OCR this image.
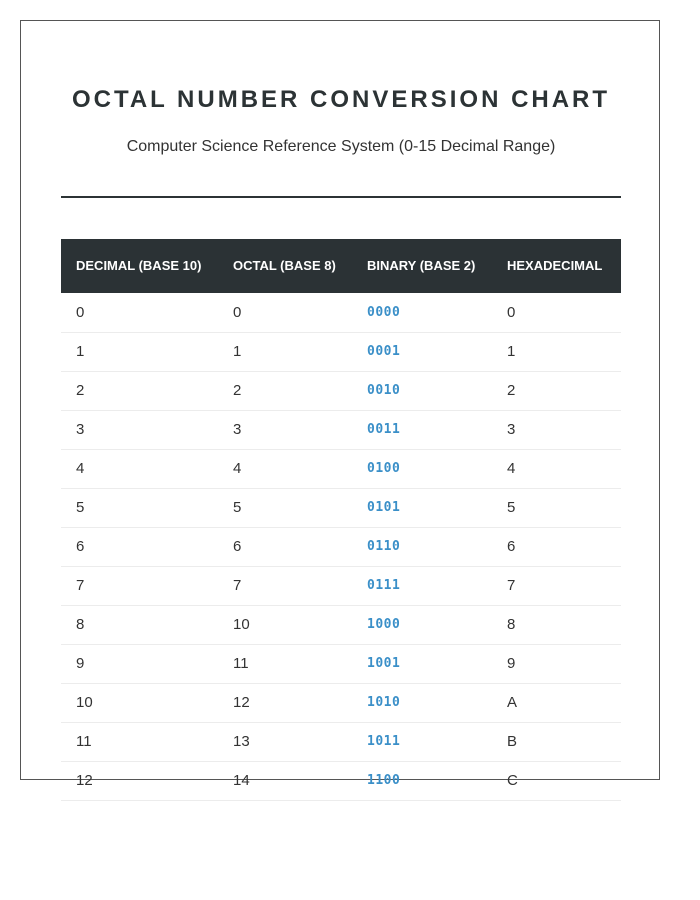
OCTAL NUMBER CONVERSION CHART

Computer Science Reference System (0-15 Decimal Range)

DECIMAL (BASE 10)	OCTAL (BASE 8)	BINARY (BASE 2)	HEXADECIMAL
0	0	0000	0
1	1	0001	1
2	2	0010	2
3	3	0011	3
4	4	0100	4
5	5	0101	5
6	6	0110	6
7	7	0111	7
8	10	1000	8
9	11	1001	9
10	12	1010	A
11	13	1011	B
12	14	1100	C
